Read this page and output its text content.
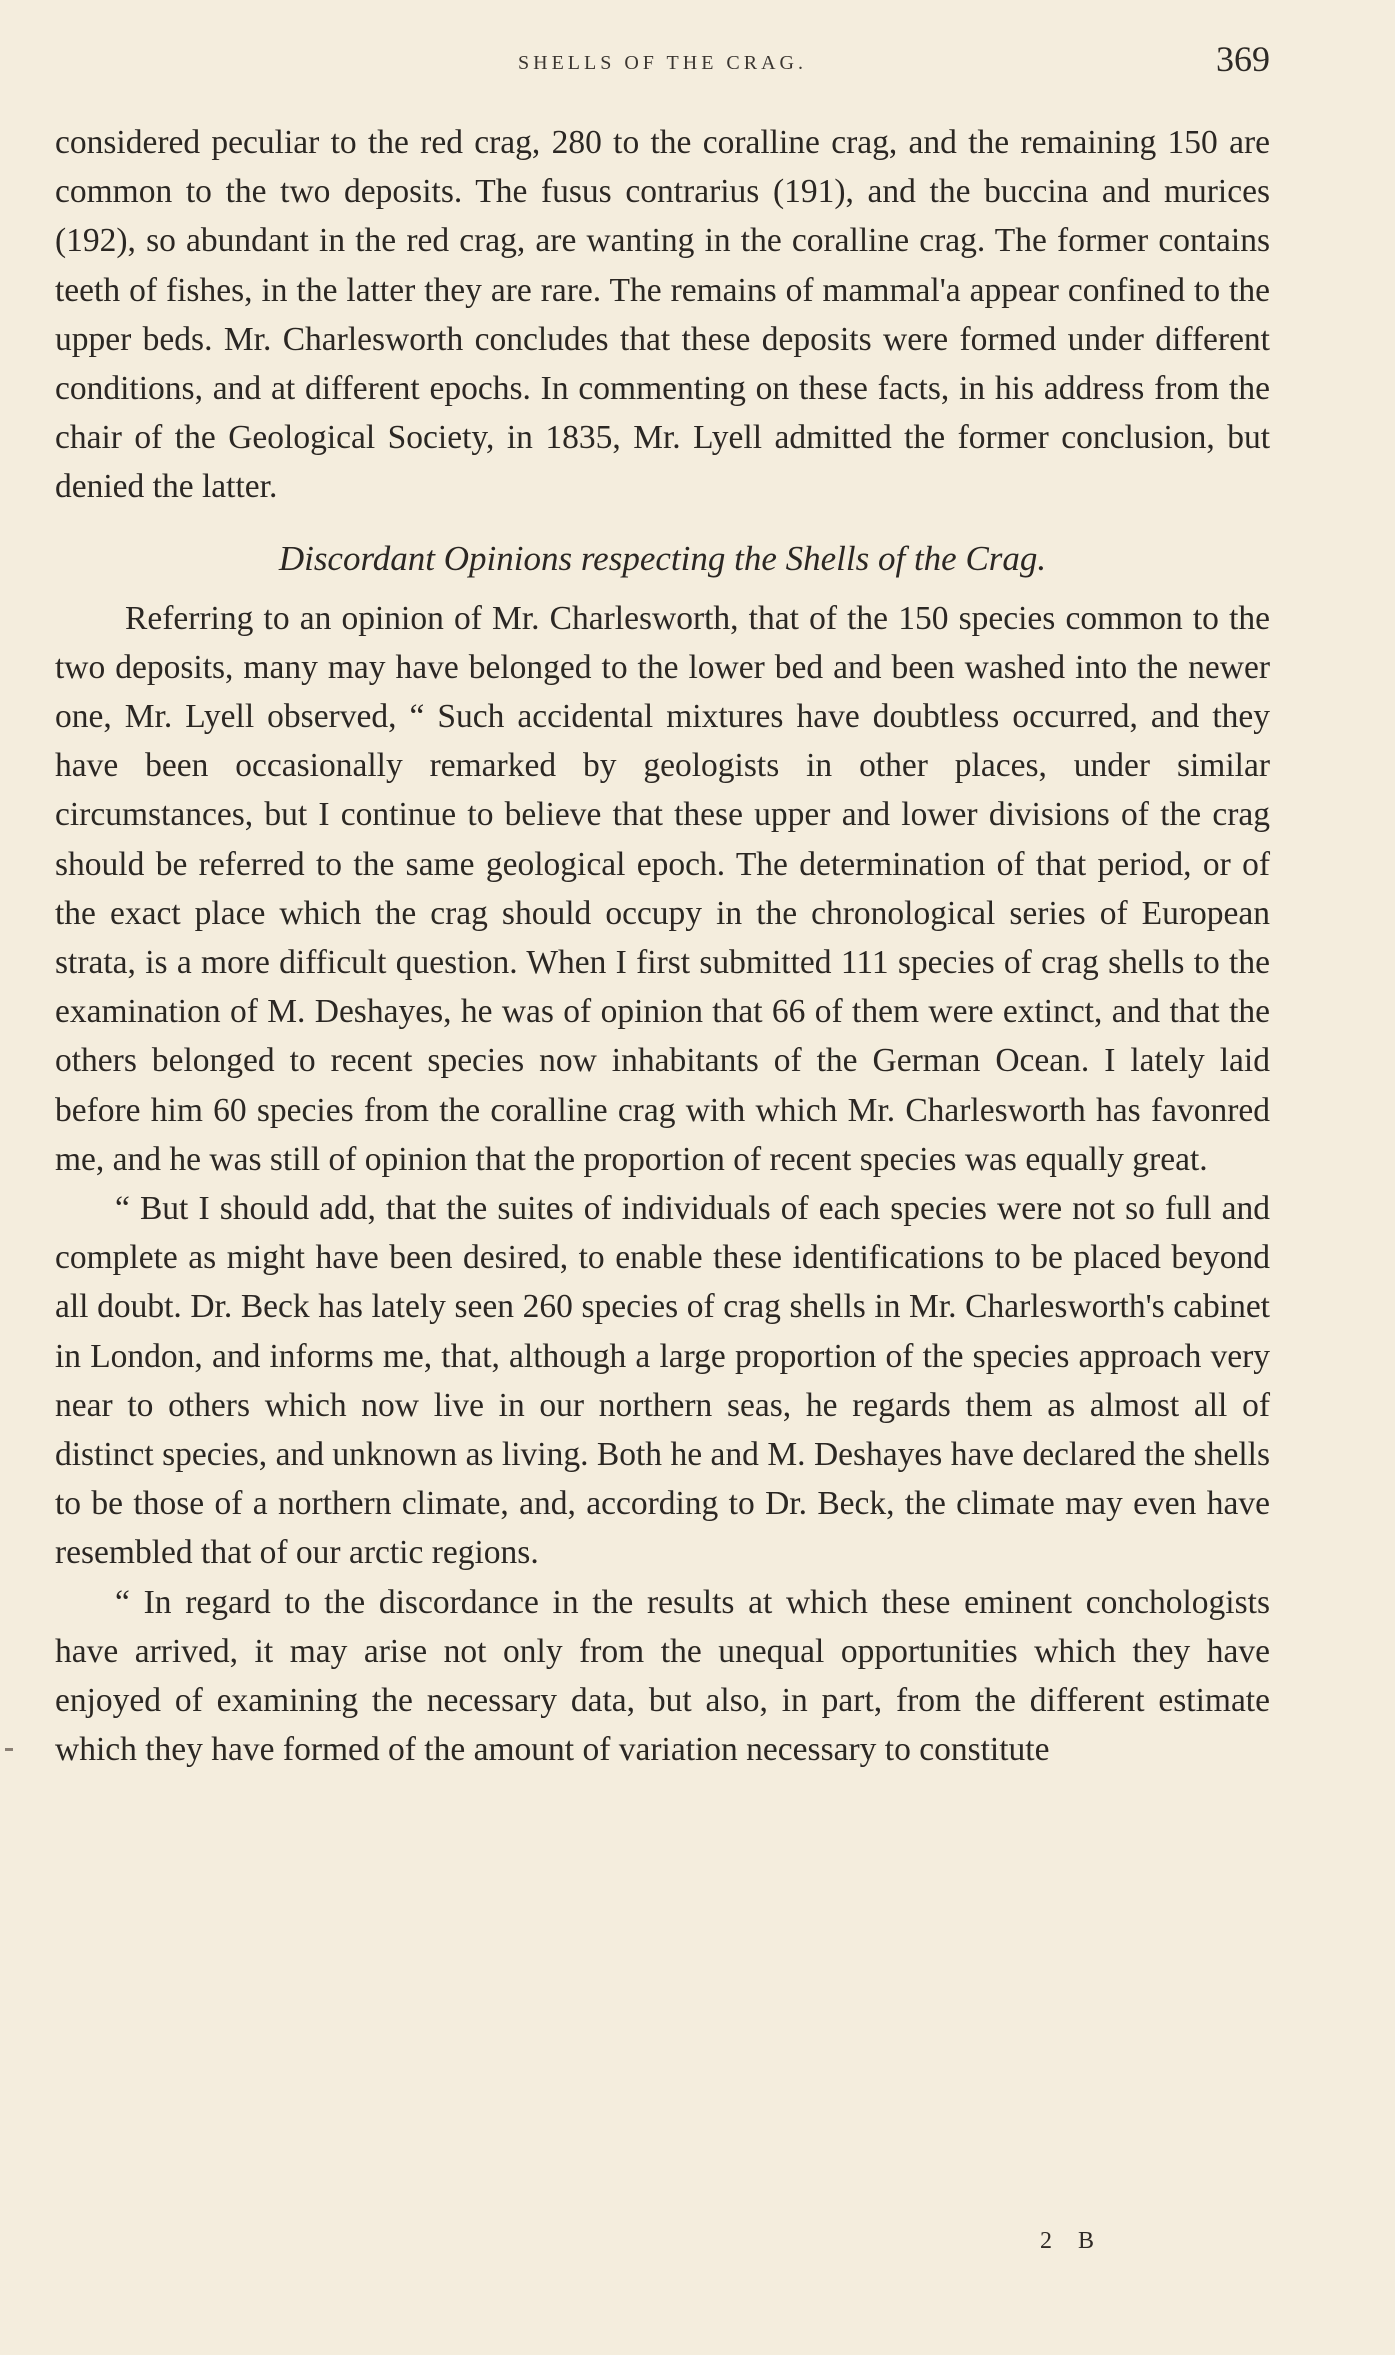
SHELLS OF THE CRAG.	369

considered peculiar to the red crag, 280 to the coralline crag, and the remaining 150 are common to the two deposits. The fusus contrarius (191), and the buccina and murices (192), so abundant in the red crag, are wanting in the coralline crag. The former contains teeth of fishes, in the latter they are rare. The remains of mammal'a appear confined to the upper beds. Mr. Charlesworth concludes that these deposits were formed under different conditions, and at different epochs. In commenting on these facts, in his address from the chair of the Geological Society, in 1835, Mr. Lyell admitted the former conclusion, but denied the latter.

Discordant Opinions respecting the Shells of the Crag.

Referring to an opinion of Mr. Charlesworth, that of the 150 species common to the two deposits, many may have belonged to the lower bed and been washed into the newer one, Mr. Lyell observed, “ Such accidental mixtures have doubtless occurred, and they have been occasionally remarked by geologists in other places, under similar circumstances, but I continue to believe that these upper and lower divisions of the crag should be referred to the same geological epoch. The determination of that period, or of the exact place which the crag should occupy in the chronological series of European strata, is a more difficult question. When I first submitted 111 species of crag shells to the examination of M. Deshayes, he was of opinion that 66 of them were extinct, and that the others belonged to recent species now inhabitants of the German Ocean. I lately laid before him 60 species from the coralline crag with which Mr. Charlesworth has favonred me, and he was still of opinion that the proportion of recent species was equally great.

“ But I should add, that the suites of individuals of each species were not so full and complete as might have been desired, to enable these identifications to be placed beyond all doubt. Dr. Beck has lately seen 260 species of crag shells in Mr. Charlesworth's cabinet in London, and informs me, that, although a large proportion of the species approach very near to others which now live in our northern seas, he regards them as almost all of distinct species, and unknown as living. Both he and M. Deshayes have declared the shells to be those of a northern climate, and, according to Dr. Beck, the climate may even have resembled that of our arctic regions.

“ In regard to the discordance in the results at which these eminent conchologists have arrived, it may arise not only from the unequal opportunities which they have enjoyed of examining the necessary data, but also, in part, from the different estimate which they have formed of the amount of variation necessary to constitute

2 B
